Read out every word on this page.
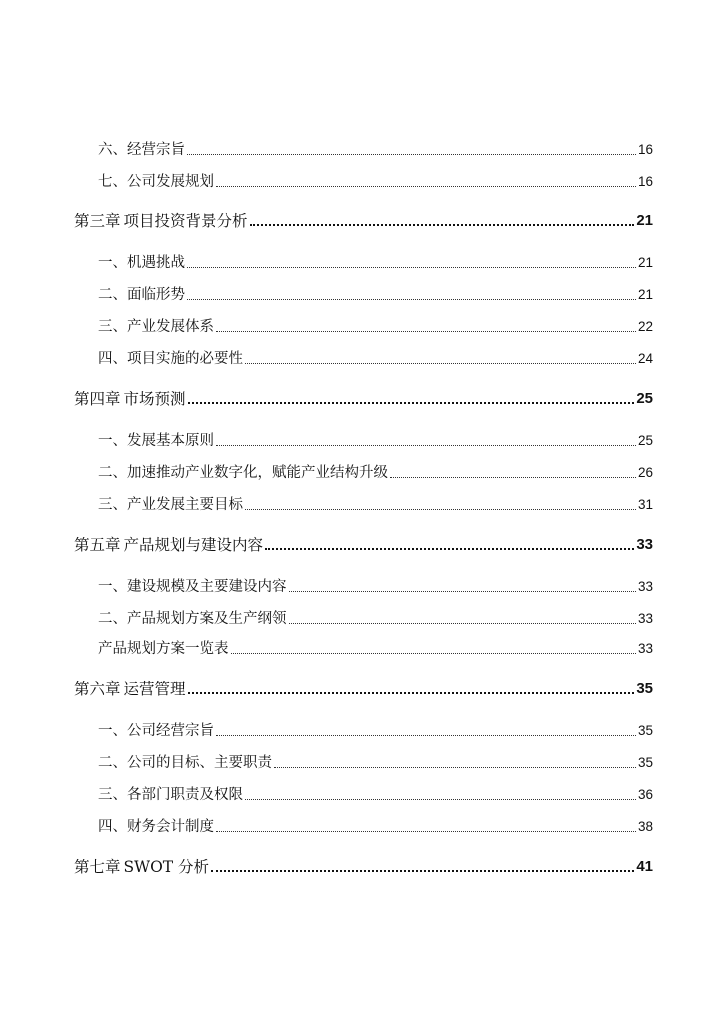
六、经营宗旨	16
七、公司发展规划	16
第三章 项目投资背景分析	21
一、机遇挑战	21
二、面临形势	21
三、产业发展体系	22
四、项目实施的必要性	24
第四章 市场预测	25
一、发展基本原则	25
二、加速推动产业数字化，赋能产业结构升级	26
三、产业发展主要目标	31
第五章 产品规划与建设内容	33
一、建设规模及主要建设内容	33
二、产品规划方案及生产纲领	33
产品规划方案一览表	33
第六章 运营管理	35
一、公司经营宗旨	35
二、公司的目标、主要职责	35
三、各部门职责及权限	36
四、财务会计制度	38
第七章 SWOT 分析	41
